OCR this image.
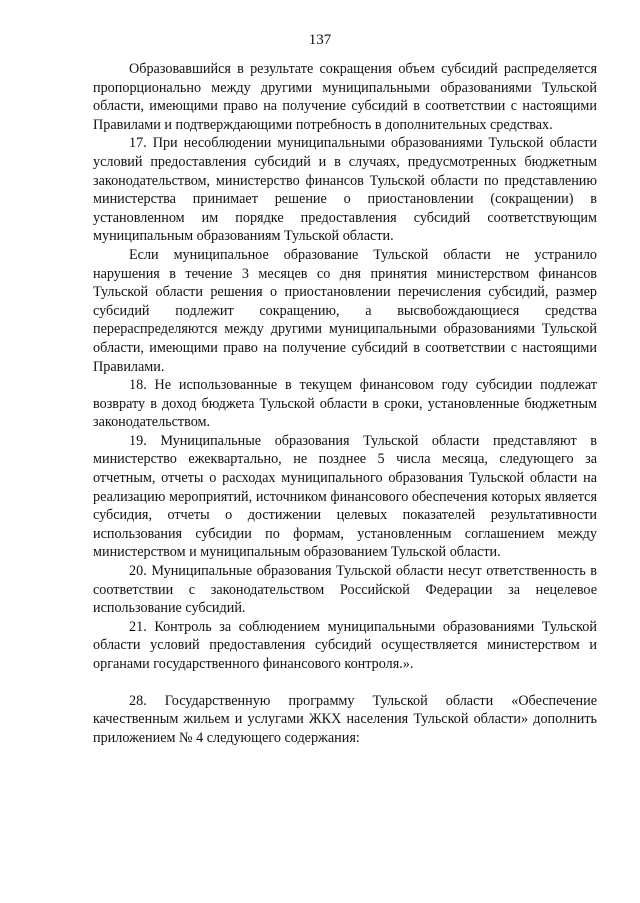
137

Образовавшийся в результате сокращения объем субсидий распределяется пропорционально между другими муниципальными образованиями Тульской области, имеющими право на получение субсидий в соответствии с настоящими Правилами и подтверждающими потребность в дополнительных средствах.

17. При несоблюдении муниципальными образованиями Тульской области условий предоставления субсидий и в случаях, предусмотренных бюджетным законодательством, министерство финансов Тульской области по представлению министерства принимает решение о приостановлении (сокращении) в установленном им порядке предоставления субсидий соответствующим муниципальным образованиям Тульской области.

Если муниципальное образование Тульской области не устранило нарушения в течение 3 месяцев со дня принятия министерством финансов Тульской области решения о приостановлении перечисления субсидий, размер субсидий подлежит сокращению, а высвобождающиеся средства перераспределяются между другими муниципальными образованиями Тульской области, имеющими право на получение субсидий в соответствии с настоящими Правилами.

18. Не использованные в текущем финансовом году субсидии подлежат возврату в доход бюджета Тульской области в сроки, установленные бюджетным законодательством.

19. Муниципальные образования Тульской области представляют в министерство ежеквартально, не позднее 5 числа месяца, следующего за отчетным, отчеты о расходах муниципального образования Тульской области на реализацию мероприятий, источником финансового обеспечения которых является субсидия, отчеты о достижении целевых показателей результативности использования субсидии по формам, установленным соглашением между министерством и муниципальным образованием Тульской области.

20. Муниципальные образования Тульской области несут ответственность в соответствии с законодательством Российской Федерации за нецелевое использование субсидий.

21. Контроль за соблюдением муниципальными образованиями Тульской области условий предоставления субсидий осуществляется министерством и органами государственного финансового контроля.».

28. Государственную программу Тульской области «Обеспечение качественным жильем и услугами ЖКХ населения Тульской области» дополнить приложением № 4 следующего содержания:
